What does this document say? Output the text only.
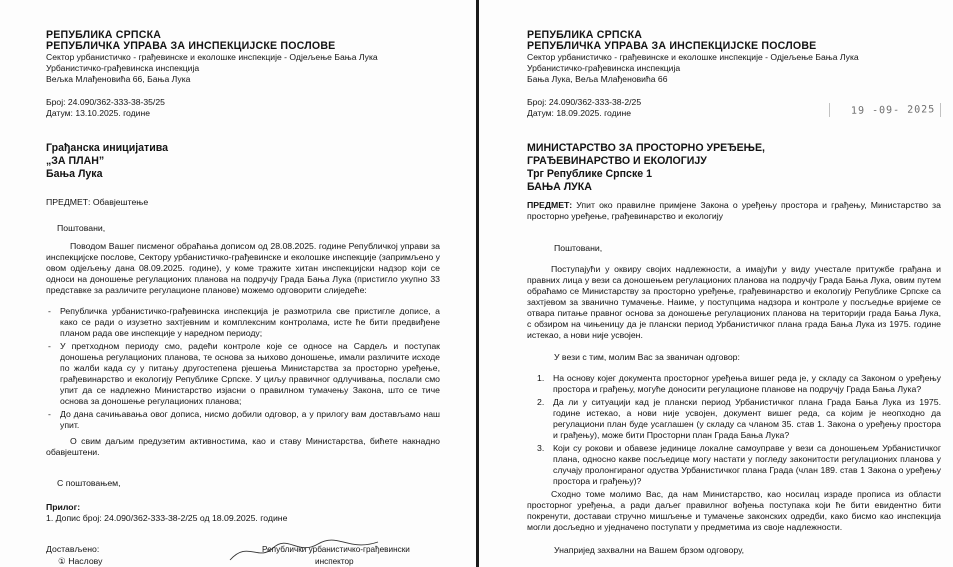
РЕПУБЛИКА СРПСКА
РЕПУБЛИЧКА УПРАВА ЗА ИНСПЕКЦИЈСКЕ ПОСЛОВЕ
Сектор урбанистичко - грађевинске и еколошке инспекције - Одјељење Бања Лука
Урбанистичко-грађевинска инспекција
Вељка Млађеновића 66, Бања Лука
Број: 24.090/362-333-38-35/25
Датум: 13.10.2025. године
Грађанска иницијатива
„ЗА ПЛАН”
Бања Лука
ПРЕДМЕТ: Обавјештење
Поштовани,
Поводом Вашег писменог обраћања дописом од 28.08.2025. године Републичкој управи за инспекцијске послове, Сектору урбанистичко-грађевинске и еколошке инспекције (запримљено у овом одјељењу дана 08.09.2025. године), у коме тражите хитан инспекцијски надзор који се односи на доношење регулационих планова на подручју Града Бања Лука (пристигло укупно 33 представке за различите регулационе планове) можемо одговорити слиједеће:
- Републичка урбанистичко-грађевинска инспекција је размотрила све пристигле дописе, а како се ради о изузетно захтјевним и комплексним контролама, исте ће бити предвиђене планом рада ове инспекције у наредном периоду;
- У претходном периоду смо, радећи контроле које се односе на Сардељ и поступак доношења регулационих планова, те основа за њихово доношење, имали различите исходе по жалби када су у питању другостепена рјешења Министарства за просторно уређење, грађевинарство и екологију Републике Српске. У циљу правичног одлучивања, послали смо упит да се надлежно Министарство изјасни о правилном тумачењу Закона, што се тиче основа за доношење регулационих планова;
- До дана сачињавања овог дописа, нисмо добили одговор, а у прилогу вам достављамо наш упит.
О свим даљим предузетим активностима, као и ставу Министарства, бићете накнадно обавјештени.
С поштовањем,
Прилог:
1. Допис број: 24.090/362-333-38-2/25 од 18.09.2025. године
Достављено:
① Наслову
Републички урбанистичко-грађевински
инспектор
РЕПУБЛИКА СРПСКА
РЕПУБЛИЧКА УПРАВА ЗА ИНСПЕКЦИЈСКЕ ПОСЛОВЕ
Сектор урбанистичко - грађевинске и еколошке инспекције - Одјељење Бања Лука
Урбанистичко-грађевинска инспекција
Бања Лука, Веља Млађеновића 66
Број: 24.090/362-333-38-2/25
Датум: 18.09.2025. године	19 -09- 2025
МИНИСТАРСТВО ЗА ПРОСТОРНО УРЕЂЕЊЕ,
ГРАЂЕВИНАРСТВО И ЕКОЛОГИЈУ
Трг Републике Српске 1
БАЊА ЛУКА
ПРЕДМЕТ: Упит око правилне примјене Закона о уређењу простора и грађењу, Министарство за просторно уређење, грађевинарство и екологију
Поштовани,
Поступајући у оквиру својих надлежности, а имајући у виду учестале притужбе грађана и правних лица у вези са доношењем регулационих планова на подручју Града Бања Лука, овим путем обраћамо се Министарству за просторно уређење, грађевинарство и екологију Републике Српске са захтјевом за званично тумачење. Наиме, у поступцима надзора и контроле у посљедње вријеме се отвара питање правног основа за доношење регулационих планова на територији града Бања Лука, с обзиром на чињеницу да је плански период Урбанистичког плана града Бања Лука из 1975. године истекао, а нови није усвојен.
У вези с тим, молим Вас за званичан одговор:
1. На основу којег документа просторног уређења вишег реда је, у складу са Законом о уређењу простора и грађењу, могуће доносити регулационе планове на подручју Града Бања Лука?
2. Да ли у ситуацији кад је плански период Урбанистичког плана Града Бања Лука из 1975. године истекао, а нови није усвојен, документ вишег реда, са којим је неопходно да регулациони план буде усаглашен (у складу са чланом 35. став 1. Закона о уређењу простора и грађењу), може бити Просторни план Града Бања Лука?
3. Који су рокови и обавезе јединице локалне самоуправе у вези са доношењем Урбанистичког плана, односно какве посљедице могу настати у погледу законитости регулационих планова у случају пролонгираног одуства Урбанистичког плана Града (члан 189. став 1 Закона о уређењу простора и грађењу)?
Сходно томе молимо Вас, да нам Министарство, као носилац израде прописа из области просторног уређења, а ради даљег правилног вођења поступака који ће бити евидентно бити покренути, доставаи стручно мишљење и тумачење законских одредби, како бисмо као инспекција могли досљедно и уједначено поступати у предметима из своје надлежности.
Унапријед захвални на Вашем брзом одговору,
